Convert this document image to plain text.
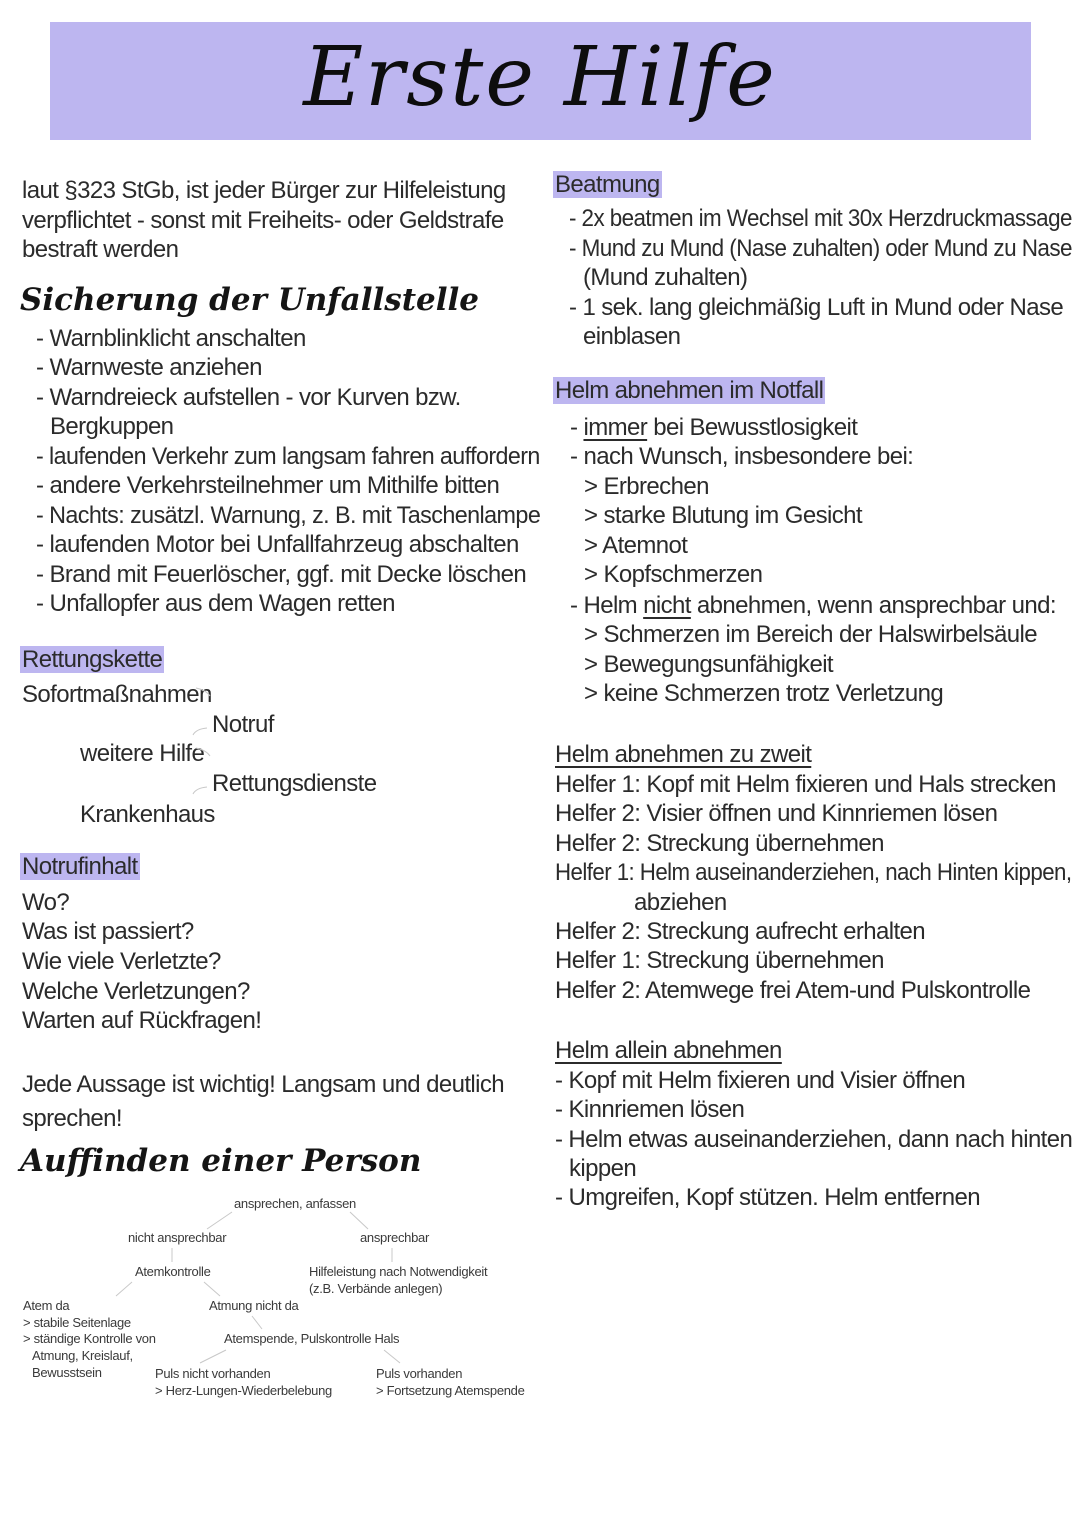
Erste Hilfe
laut §323 StGb, ist jeder Bürger zur Hilfeleistung
verpflichtet - sonst mit Freiheits- oder Geldstrafe
bestraft werden
Sicherung der Unfallstelle
- Warnblinklicht anschalten
- Warnweste anziehen
- Warndreieck aufstellen - vor Kurven bzw.
Bergkuppen
- laufenden Verkehr zum langsam fahren auffordern
- andere Verkehrsteilnehmer um Mithilfe bitten
- Nachts: zusätzl. Warnung, z. B. mit Taschenlampe
- laufenden Motor bei Unfallfahrzeug abschalten
- Brand mit Feuerlöscher, ggf. mit Decke löschen
- Unfallopfer aus dem Wagen retten
Rettungskette
Sofortmaßnahmen
Notruf
weitere Hilfe
Rettungsdienste
Krankenhaus
Notrufinhalt
Wo?
Was ist passiert?
Wie viele Verletzte?
Welche Verletzungen?
Warten auf Rückfragen!
Jede Aussage ist wichtig! Langsam und deutlich
sprechen!
Auffinden einer Person
ansprechen, anfassen
nicht ansprechbar	ansprechbar
Atemkontrolle	Hilfeleistung nach Notwendigkeit
(z.B. Verbände anlegen)
Atem da
> stabile Seitenlage
> ständige Kontrolle von
Atmung, Kreislauf,
Bewusstsein
Atmung nicht da
Atemspende, Pulskontrolle Hals
Puls nicht vorhanden
> Herz-Lungen-Wiederbelebung
Puls vorhanden
> Fortsetzung Atemspende
Beatmung
- 2x beatmen im Wechsel mit 30x Herzdruckmassage
- Mund zu Mund (Nase zuhalten) oder Mund zu Nase
(Mund zuhalten)
- 1 sek. lang gleichmäßig Luft in Mund oder Nase
einblasen
Helm abnehmen im Notfall
- immer bei Bewusstlosigkeit
- nach Wunsch, insbesondere bei:
> Erbrechen
> starke Blutung im Gesicht
> Atemnot
> Kopfschmerzen
- Helm nicht abnehmen, wenn ansprechbar und:
> Schmerzen im Bereich der Halswirbelsäule
> Bewegungsunfähigkeit
> keine Schmerzen trotz Verletzung
Helm abnehmen zu zweit
Helfer 1: Kopf mit Helm fixieren und Hals strecken
Helfer 2: Visier öffnen und Kinnriemen lösen
Helfer 2: Streckung übernehmen
Helfer 1: Helm auseinanderziehen, nach Hinten kippen,
abziehen
Helfer 2: Streckung aufrecht erhalten
Helfer 1: Streckung übernehmen
Helfer 2: Atemwege frei Atem-und Pulskontrolle
Helm allein abnehmen
- Kopf mit Helm fixieren und Visier öffnen
- Kinnriemen lösen
- Helm etwas auseinanderziehen, dann nach hinten
kippen
- Umgreifen, Kopf stützen. Helm entfernen
